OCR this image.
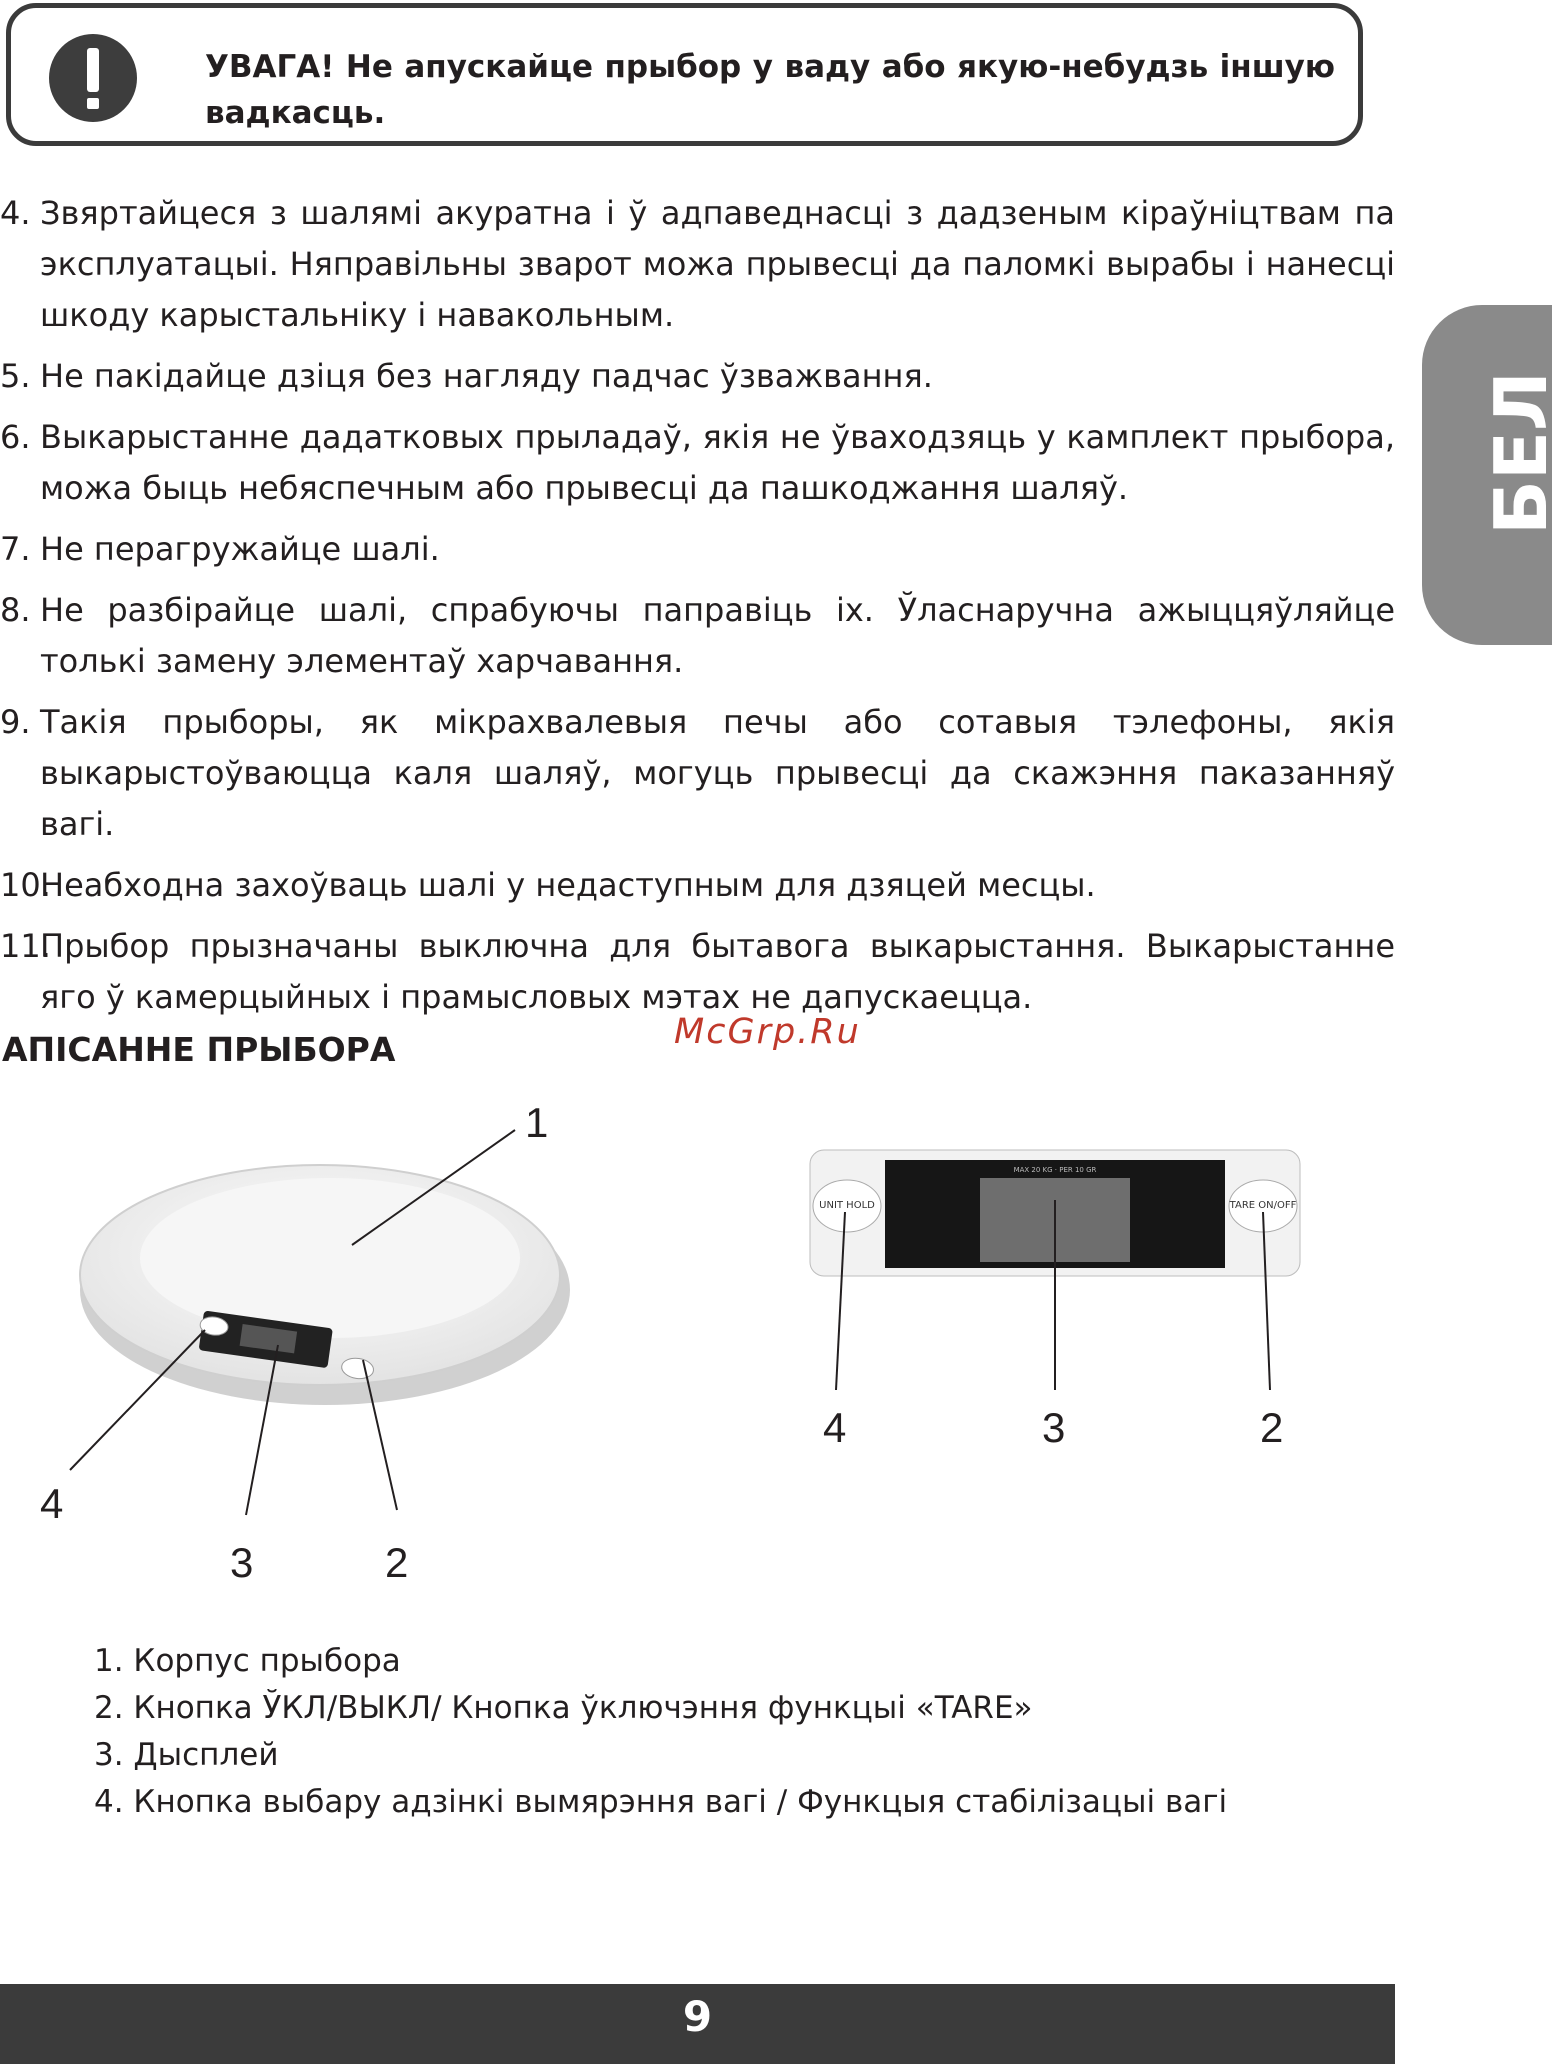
УВАГА! Не апускайце прыбор у ваду або якую-небудзь іншую вадкасць.
4. Звяртайцеся з шалямі акуратна і ў адпаведнасці з дадзеным кіраўніцтвам па эксплуатацыі. Няправільны зварот можа прывесці да паломкі вырабы і нанесці шкоду карыстальніку і навакольным.
5. Не пакідайце дзіця без нагляду падчас ўзважвання.
6. Выкарыстанне дадатковых прыладаў, якія не ўваходзяць у камплект прыбора, можа быць небяспечным або прывесці да пашкоджання шаляў.
7. Не перагружайце шалі.
8. Не разбірайце шалі, спрабуючы паправіць іх. Ўласнаручна ажыццяўляйце толькі замену элементаў харчавання.
9. Такія прыборы, як мікрахвалевыя печы або сотавыя тэлефоны, якія выкарыстоўваюцца каля шаляў, могуць прывесці да скажэння паказанняў вагі.
10.Неабходна захоўваць шалі у недаступным для дзяцей месцы.
11.Прыбор прызначаны выключна для бытавога выкарыстання. Выкарыстанне яго ў камерцыйных і прамысловых мэтах не дапускаецца.
БЕЛ
АПІСАННЕ ПРЫБОРА	McGrp.Ru
1
2
3
4
MAX 20 KG · PER 10 GR
UNIT HOLD	TARE ON/OFF
4	3	2
1. Корпус прыбора
2. Кнопка ЎКЛ/ВЫКЛ/ Кнопка ўключэння функцыі «TARE»
3. Дысплей
4. Кнопка выбару адзінкі вымярэння вагі / Функцыя стабілізацыі вагі
9
